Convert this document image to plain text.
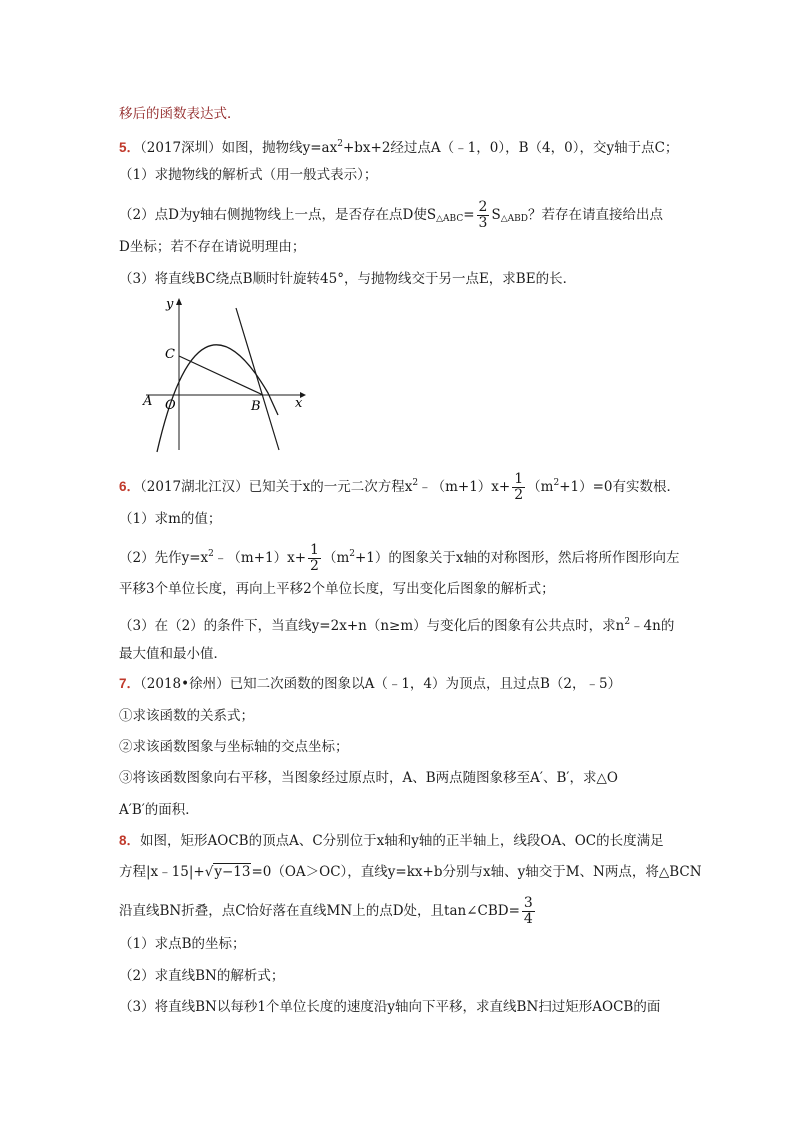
移后的函数表达式．
5．（2017深圳）如图，抛物线$y=ax^2+bx+2$经过点A（﹣1，0），B（4，0），交y轴于点C；
（1）求抛物线的解析式（用一般式表示）；
（2）点D为y轴右侧抛物线上一点，是否存在点D使$S_{\triangle ABC}= \frac{2}{3} S_{\triangle ABD}$？若存在请直接给出点
D坐标；若不存在请说明理由；
（3）将直线BC绕点B顺时针旋转45°，与抛物线交于另一点E，求BE的长．
y
x
C
A O	B
6．（2017湖北江汉）已知关于x的一元二次方程$x^2﹣(m+1)x+ \frac{1}{2} (m^2+1)=0$有实数根．
（1）求m的值；
（2）先作$y=x^2﹣(m+1)x+ \frac{1}{2} (m^2+1)$的图象关于x轴的对称图形，然后将所作图形向左
平移3个单位长度，再向上平移2个单位长度，写出变化后图象的解析式；
（3）在（2）的条件下，当直线y=2x+n（n≥m）与变化后的图象有公共点时，求$n^2﹣4n$的
最大值和最小值．
7．（2018•徐州）已知二次函数的图象以A（﹣1，4）为顶点，且过点B（2，﹣5）
①求该函数的关系式；
②求该函数图象与坐标轴的交点坐标；
③将该函数图象向右平移，当图象经过原点时，A、B两点随图象移至A′、B′，求△O
A′B′的面积．
8．如图，矩形AOCB的顶点A、C分别位于x轴和y轴的正半轴上，线段OA、OC的长度满足
方程|x﹣15|+√y−13=0（OA＞OC），直线y=kx+b分别与x轴、y轴交于M、N两点，将△BCN
沿直线BN折叠，点C恰好落在直线MN上的点D处，且tan∠CBD= $\frac{3}{4}$
（1）求点B的坐标；
（2）求直线BN的解析式；
（3）将直线BN以每秒1个单位长度的速度沿y轴向下平移，求直线BN扫过矩形AOCB的面
